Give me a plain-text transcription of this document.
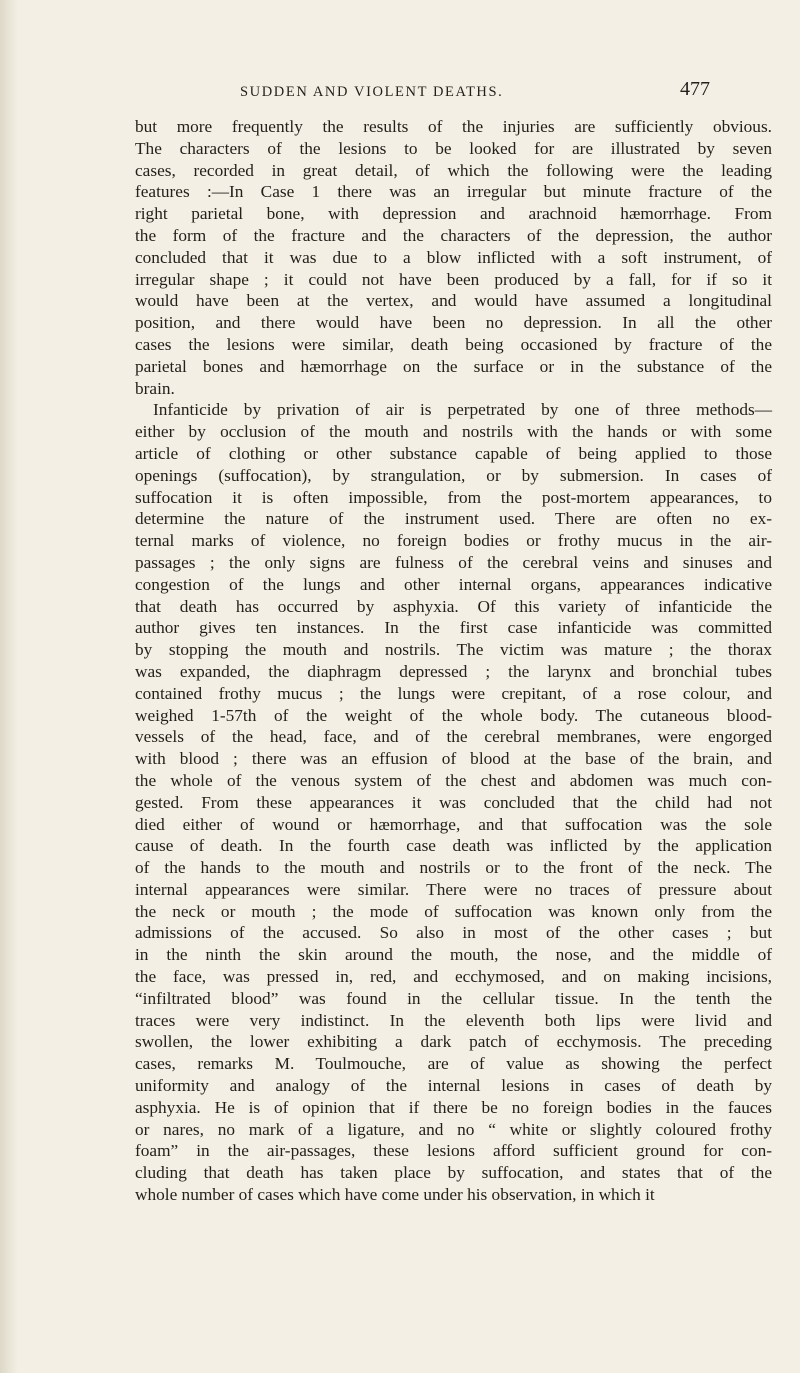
SUDDEN AND VIOLENT DEATHS.	477
but more frequently the results of the injuries are sufficiently obvious.
The characters of the lesions to be looked for are illustrated by seven
cases, recorded in great detail, of which the following were the leading
features :—In Case 1 there was an irregular but minute fracture of the
right parietal bone, with depression and arachnoid hæmorrhage. From
the form of the fracture and the characters of the depression, the author
concluded that it was due to a blow inflicted with a soft instrument, of
irregular shape ; it could not have been produced by a fall, for if so it
would have been at the vertex, and would have assumed a longitudinal
position, and there would have been no depression. In all the other
cases the lesions were similar, death being occasioned by fracture of the
parietal bones and hæmorrhage on the surface or in the substance of the
brain.
Infanticide by privation of air is perpetrated by one of three methods—
either by occlusion of the mouth and nostrils with the hands or with some
article of clothing or other substance capable of being applied to those
openings (suffocation), by strangulation, or by submersion. In cases of
suffocation it is often impossible, from the post-mortem appearances, to
determine the nature of the instrument used. There are often no ex-
ternal marks of violence, no foreign bodies or frothy mucus in the air-
passages ; the only signs are fulness of the cerebral veins and sinuses and
congestion of the lungs and other internal organs, appearances indicative
that death has occurred by asphyxia. Of this variety of infanticide the
author gives ten instances. In the first case infanticide was committed
by stopping the mouth and nostrils. The victim was mature ; the thorax
was expanded, the diaphragm depressed ; the larynx and bronchial tubes
contained frothy mucus ; the lungs were crepitant, of a rose colour, and
weighed 1-57th of the weight of the whole body. The cutaneous blood-
vessels of the head, face, and of the cerebral membranes, were engorged
with blood ; there was an effusion of blood at the base of the brain, and
the whole of the venous system of the chest and abdomen was much con-
gested. From these appearances it was concluded that the child had not
died either of wound or hæmorrhage, and that suffocation was the sole
cause of death. In the fourth case death was inflicted by the application
of the hands to the mouth and nostrils or to the front of the neck. The
internal appearances were similar. There were no traces of pressure about
the neck or mouth ; the mode of suffocation was known only from the
admissions of the accused. So also in most of the other cases ; but
in the ninth the skin around the mouth, the nose, and the middle of
the face, was pressed in, red, and ecchymosed, and on making incisions,
“infiltrated blood” was found in the cellular tissue. In the tenth the
traces were very indistinct. In the eleventh both lips were livid and
swollen, the lower exhibiting a dark patch of ecchymosis. The preceding
cases, remarks M. Toulmouche, are of value as showing the perfect
uniformity and analogy of the internal lesions in cases of death by
asphyxia. He is of opinion that if there be no foreign bodies in the fauces
or nares, no mark of a ligature, and no “ white or slightly coloured frothy
foam” in the air-passages, these lesions afford sufficient ground for con-
cluding that death has taken place by suffocation, and states that of the
whole number of cases which have come under his observation, in which it
